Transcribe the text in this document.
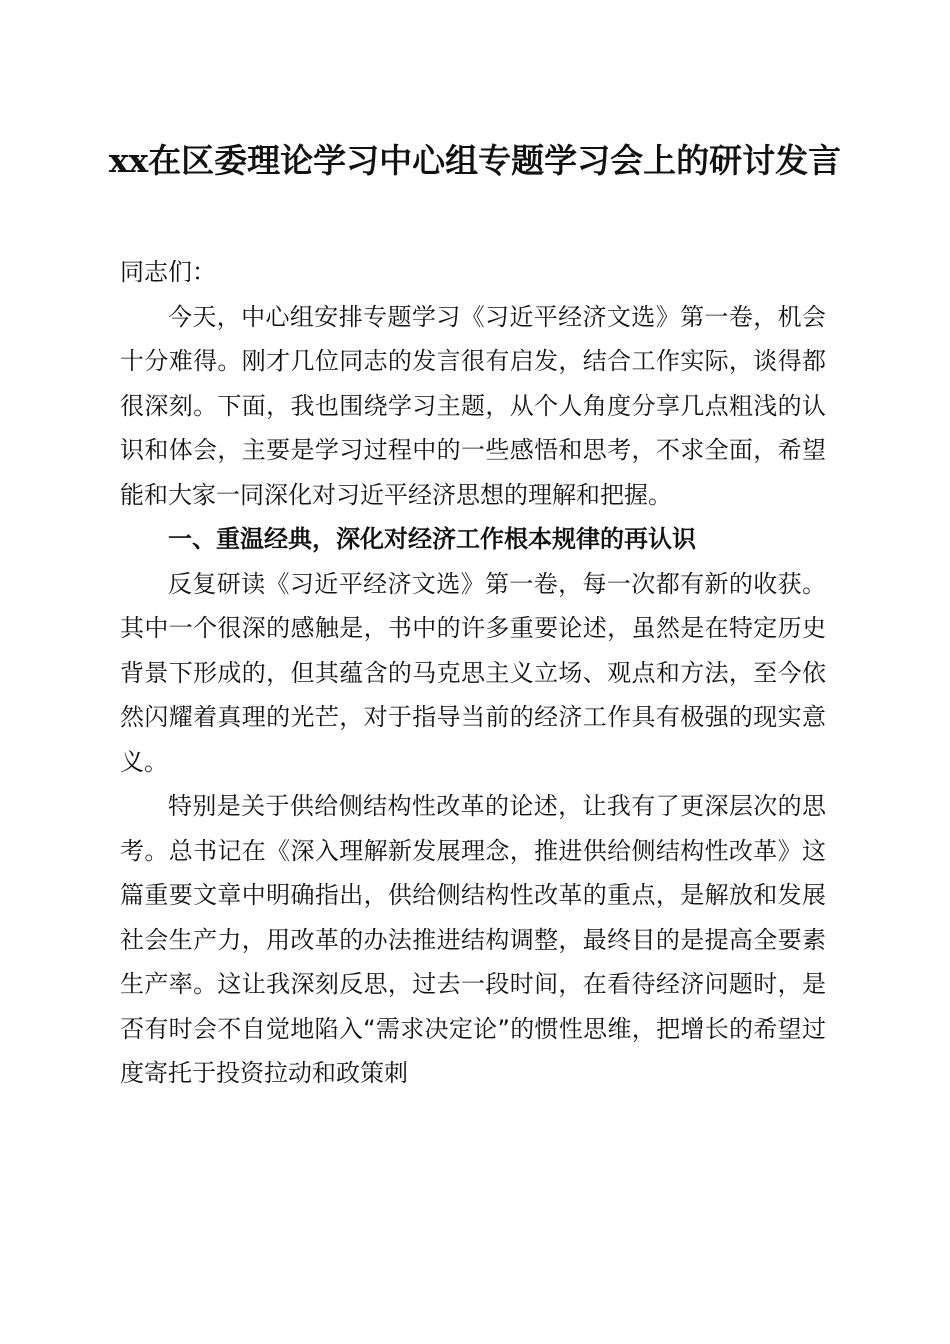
xx在区委理论学习中心组专题学习会上的研讨发言

同志们：

今天，中心组安排专题学习《习近平经济文选》第一卷，机会十分难得。刚才几位同志的发言很有启发，结合工作实际，谈得都很深刻。下面，我也围绕学习主题，从个人角度分享几点粗浅的认识和体会，主要是学习过程中的一些感悟和思考，不求全面，希望能和大家一同深化对习近平经济思想的理解和把握。

一、重温经典，深化对经济工作根本规律的再认识

反复研读《习近平经济文选》第一卷，每一次都有新的收获。其中一个很深的感触是，书中的许多重要论述，虽然是在特定历史背景下形成的，但其蕴含的马克思主义立场、观点和方法，至今依然闪耀着真理的光芒，对于指导当前的经济工作具有极强的现实意义。

特别是关于供给侧结构性改革的论述，让我有了更深层次的思考。总书记在《深入理解新发展理念，推进供给侧结构性改革》这篇重要文章中明确指出，供给侧结构性改革的重点，是解放和发展社会生产力，用改革的办法推进结构调整，最终目的是提高全要素生产率。这让我深刻反思，过去一段时间，在看待经济问题时，是否有时会不自觉地陷入“需求决定论”的惯性思维，把增长的希望过度寄托于投资拉动和政策刺
